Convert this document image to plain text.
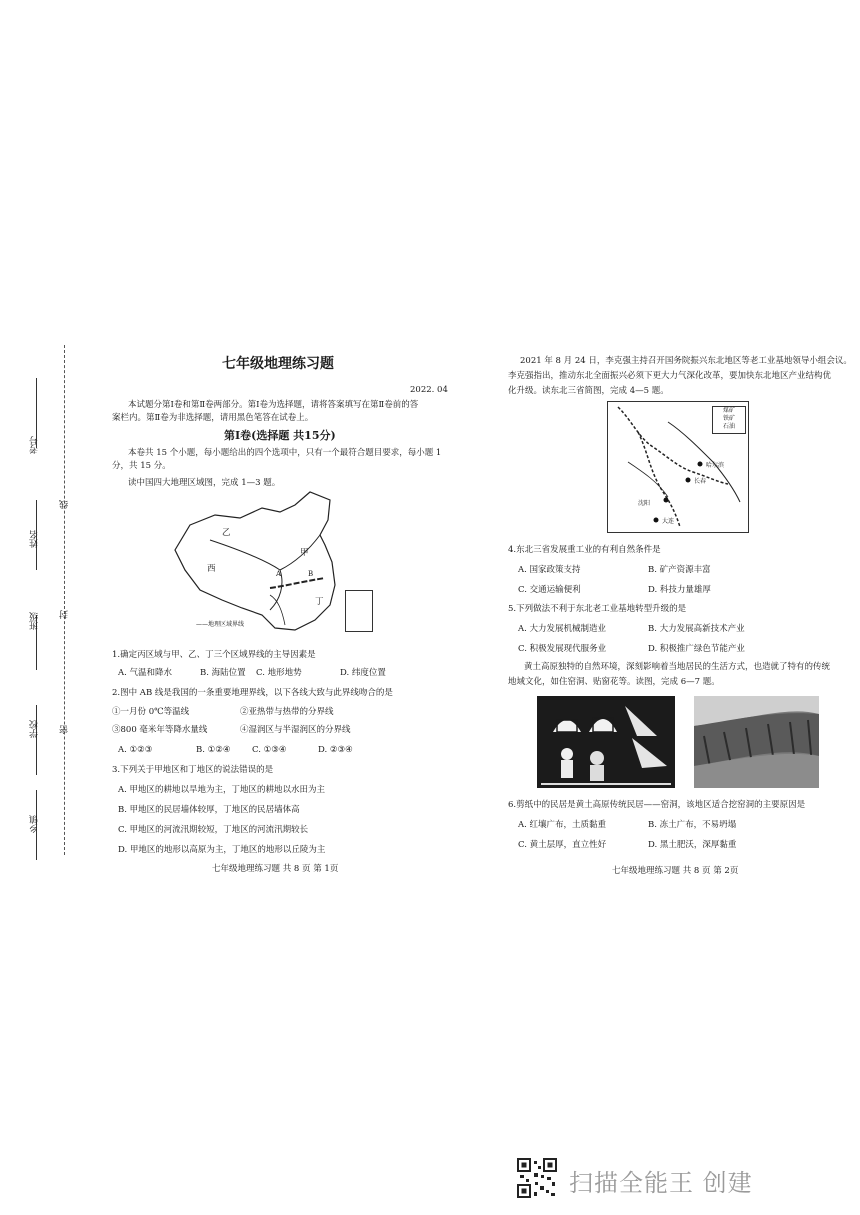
考号
姓名
班级
学校
乡镇
线
封
密
七年级地理练习题
2022. 04
本试题分第Ⅰ卷和第Ⅱ卷两部分。第Ⅰ卷为选择题，请将答案填写在第Ⅱ卷前的答
案栏内。第Ⅱ卷为非选择题，请用黑色笔答在试卷上。
第Ⅰ卷(选择题 共15分)
本卷共 15 个小题，每小题给出的四个选项中，只有一个最符合题目要求，每小题 1
分，共 15 分。
读中国四大地理区域图，完成 1—3 题。
乙
甲
西
丁
A	B
——地理区域界线
1.确定丙区域与甲、乙、丁三个区域界线的主导因素是
A. 气温和降水	B. 海陆位置 C. 地形地势	D. 纬度位置
2.图中 AB 线是我国的一条重要地理界线，以下各线大致与此界线吻合的是
①一月份 0℃等温线	②亚热带与热带的分界线
③800 毫米年等降水量线	④湿润区与半湿润区的分界线
A. ①②③	B. ①②④	C. ①③④	D. ②③④
3.下列关于甲地区和丁地区的说法错误的是
A. 甲地区的耕地以旱地为主，丁地区的耕地以水田为主
B. 甲地区的民居墙体较厚，丁地区的民居墙体高
C. 甲地区的河流汛期较短，丁地区的河流汛期较长
D. 甲地区的地形以高原为主，丁地区的地形以丘陵为主
七年级地理练习题 共 8 页 第 1页
2021 年 8 月 24 日，李克强主持召开国务院振兴东北地区等老工业基地领导小组会议。
李克强指出，推动东北全面振兴必须下更大力气深化改革，要加快东北地区产业结构优
化升级。读东北三省简图，完成 4—5 题。
煤矿
铁矿
石油
哈尔滨
长春
沈阳
大连
4.东北三省发展重工业的有利自然条件是
A. 国家政策支持	B. 矿产资源丰富
C. 交通运输便利	D. 科技力量雄厚
5.下列做法不利于东北老工业基地转型升级的是
A. 大力发展机械制造业	B. 大力发展高新技术产业
C. 积极发展现代服务业	D. 积极推广绿色节能产业
黄土高原独特的自然环境，深刻影响着当地居民的生活方式，也造就了特有的传统
地域文化，如住窑洞、贴窗花等。读图，完成 6—7 题。
6.剪纸中的民居是黄土高原传统民居——窑洞，该地区适合挖窑洞的主要原因是
A. 红壤广布，土质黏重	B. 冻土广布，不易坍塌
C. 黄土层厚，直立性好	D. 黑土肥沃，深厚黏重
七年级地理练习题 共 8 页 第 2页
扫描全能王 创建
